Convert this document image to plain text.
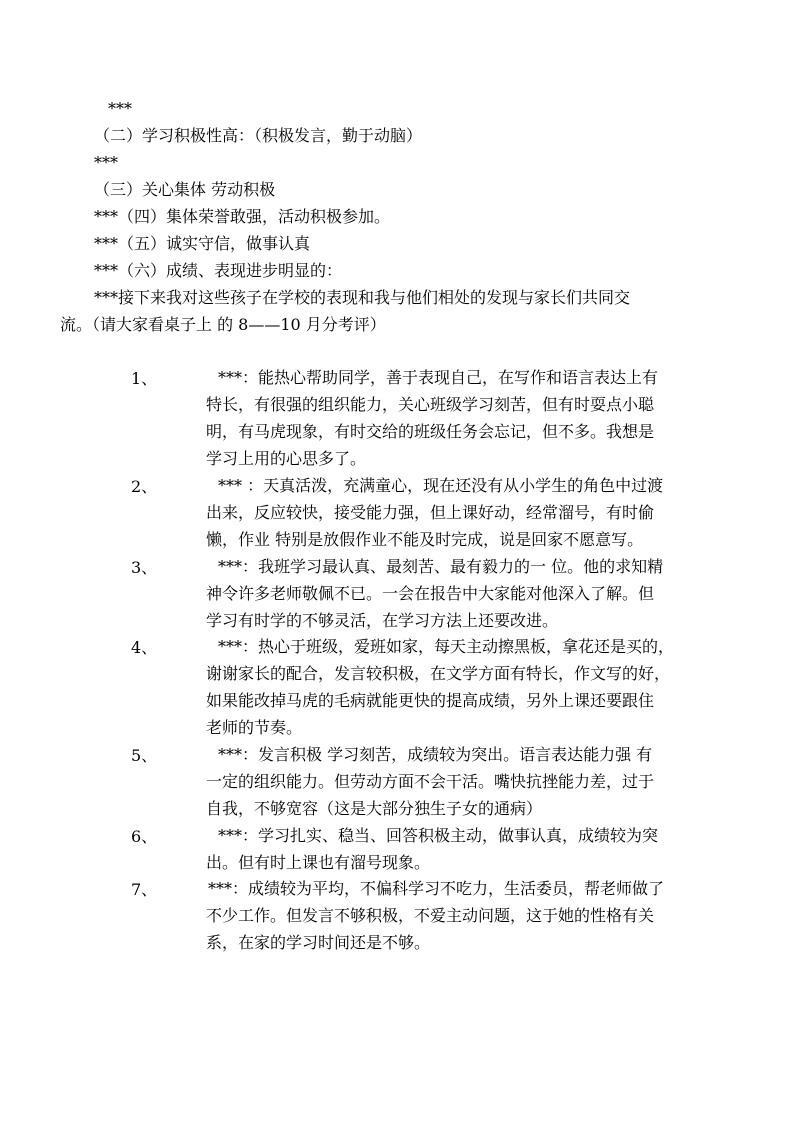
***
（二）学习积极性高：（积极发言，勤于动脑）
***
（三）关心集体 劳动积极
***（四）集体荣誉敢强，活动积极参加。
***（五）诚实守信，做事认真
***（六）成绩、表现进步明显的：
***接下来我对这些孩子在学校的表现和我与他们相处的发现与家长们共同交
流。（请大家看桌子上 的 8——10 月分考评）
1、	***：能热心帮助同学，善于表现自己，在写作和语言表达上有
特长，有很强的组织能力，关心班级学习刻苦，但有时耍点小聪
明，有马虎现象，有时交给的班级任务会忘记，但不多。我想是
学习上用的心思多了。
2、	*** ：天真活泼，充满童心，现在还没有从小学生的角色中过渡
出来，反应较快，接受能力强，但上课好动，经常溜号，有时偷
懒，作业 特别是放假作业不能及时完成，说是回家不愿意写。
3、	***：我班学习最认真、最刻苦、最有毅力的一 位。他的求知精
神令许多老师敬佩不已。一会在报告中大家能对他深入了解。但
学习有时学的不够灵活，在学习方法上还要改进。
4、	***：热心于班级，爱班如家，每天主动擦黑板，拿花还是买的，
谢谢家长的配合，发言较积极，在文学方面有特长，作文写的好，
如果能改掉马虎的毛病就能更快的提高成绩，另外上课还要跟住
老师的节奏。
5、	***：发言积极 学习刻苦，成绩较为突出。语言表达能力强 有
一定的组织能力。但劳动方面不会干活。嘴快抗挫能力差，过于
自我，不够宽容（这是大部分独生子女的通病）
6、	***：学习扎实、稳当、回答积极主动，做事认真，成绩较为突
出。但有时上课也有溜号现象。
7、	***：成绩较为平均，不偏科学习不吃力，生活委员，帮老师做了
不少工作。但发言不够积极，不爱主动问题，这于她的性格有关
系，在家的学习时间还是不够。
